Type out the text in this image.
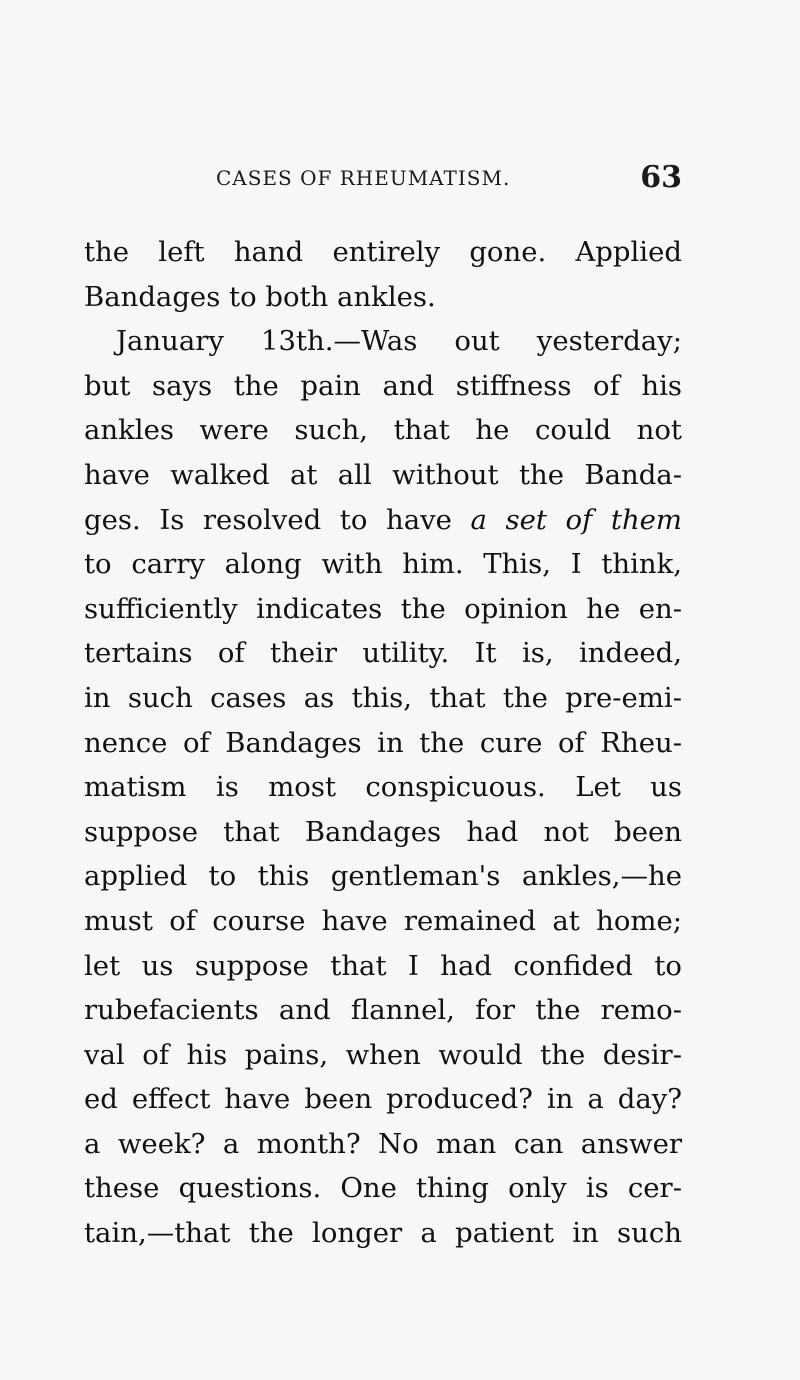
CASES OF RHEUMATISM.	63
the left hand entirely gone. Applied
Bandages to both ankles.
January 13th.—Was out yesterday;
but says the pain and stiffness of his
ankles were such, that he could not
have walked at all without the Banda-
ges. Is resolved to have a set of them
to carry along with him. This, I think,
sufficiently indicates the opinion he en-
tertains of their utility. It is, indeed,
in such cases as this, that the pre-emi-
nence of Bandages in the cure of Rheu-
matism is most conspicuous. Let us
suppose that Bandages had not been
applied to this gentleman's ankles,—he
must of course have remained at home;
let us suppose that I had confided to
rubefacients and flannel, for the remo-
val of his pains, when would the desir-
ed effect have been produced? in a day?
a week? a month? No man can answer
these questions. One thing only is cer-
tain,—that the longer a patient in such
